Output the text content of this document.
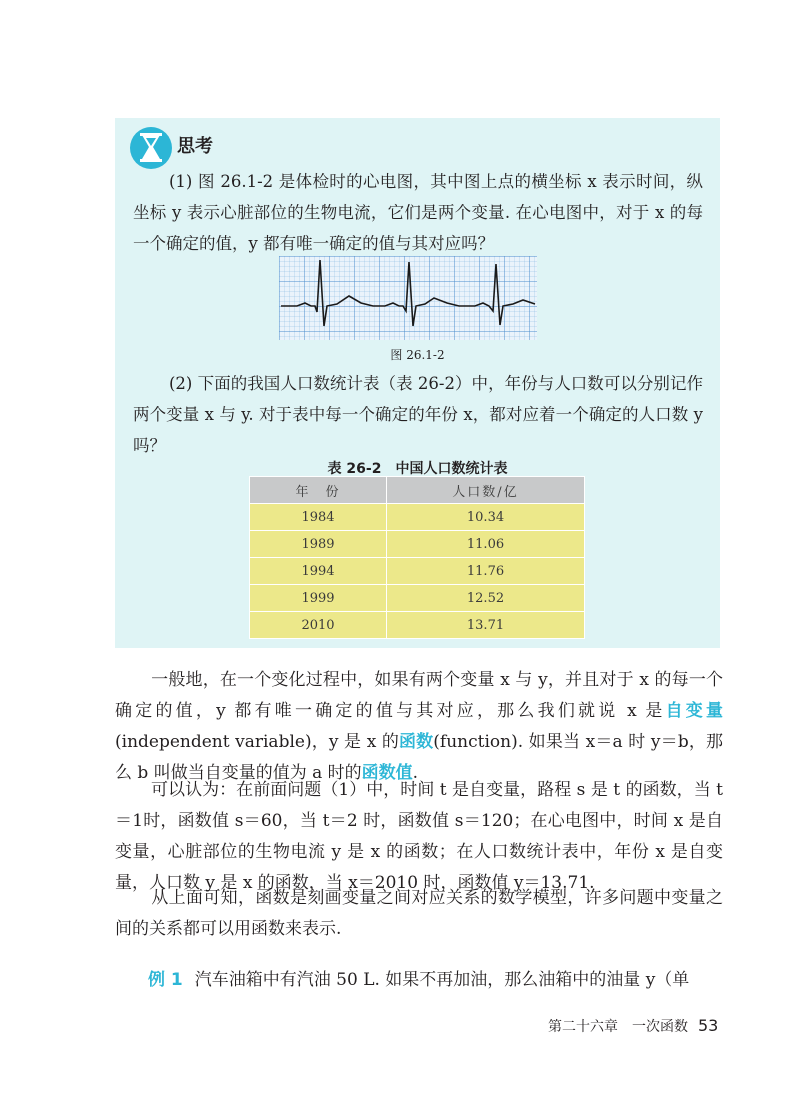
思考

(1) 图 26.1-2 是体检时的心电图，其中图上点的横坐标 x 表示时间，纵坐标 y 表示心脏部位的生物电流，它们是两个变量. 在心电图中，对于 x 的每一个确定的值，y 都有唯一确定的值与其对应吗？

图 26.1-2

(2) 下面的我国人口数统计表（表 26-2）中，年份与人口数可以分别记作两个变量 x 与 y. 对于表中每一个确定的年份 x，都对应着一个确定的人口数 y 吗？

表 26-2　中国人口数统计表
年　份	人口数/亿
1984	10.34
1989	11.06
1994	11.76
1999	12.52
2010	13.71

一般地，在一个变化过程中，如果有两个变量 x 与 y，并且对于 x 的每一个确定的值，y 都有唯一确定的值与其对应，那么我们就说 x 是自变量(independent variable)，y 是 x 的函数(function). 如果当 x＝a 时 y＝b，那么 b 叫做当自变量的值为 a 时的函数值.

可以认为：在前面问题（1）中，时间 t 是自变量，路程 s 是 t 的函数，当 t＝1时，函数值 s＝60，当 t＝2 时，函数值 s＝120；在心电图中，时间 x 是自变量，心脏部位的生物电流 y 是 x 的函数；在人口数统计表中，年份 x 是自变量，人口数 y 是 x 的函数，当 x＝2010 时，函数值 y＝13.71.

从上面可知，函数是刻画变量之间对应关系的数学模型，许多问题中变量之间的关系都可以用函数来表示.

例 1 汽车油箱中有汽油 50 L. 如果不再加油，那么油箱中的油量 y（单
第二十六章　一次函数 53
